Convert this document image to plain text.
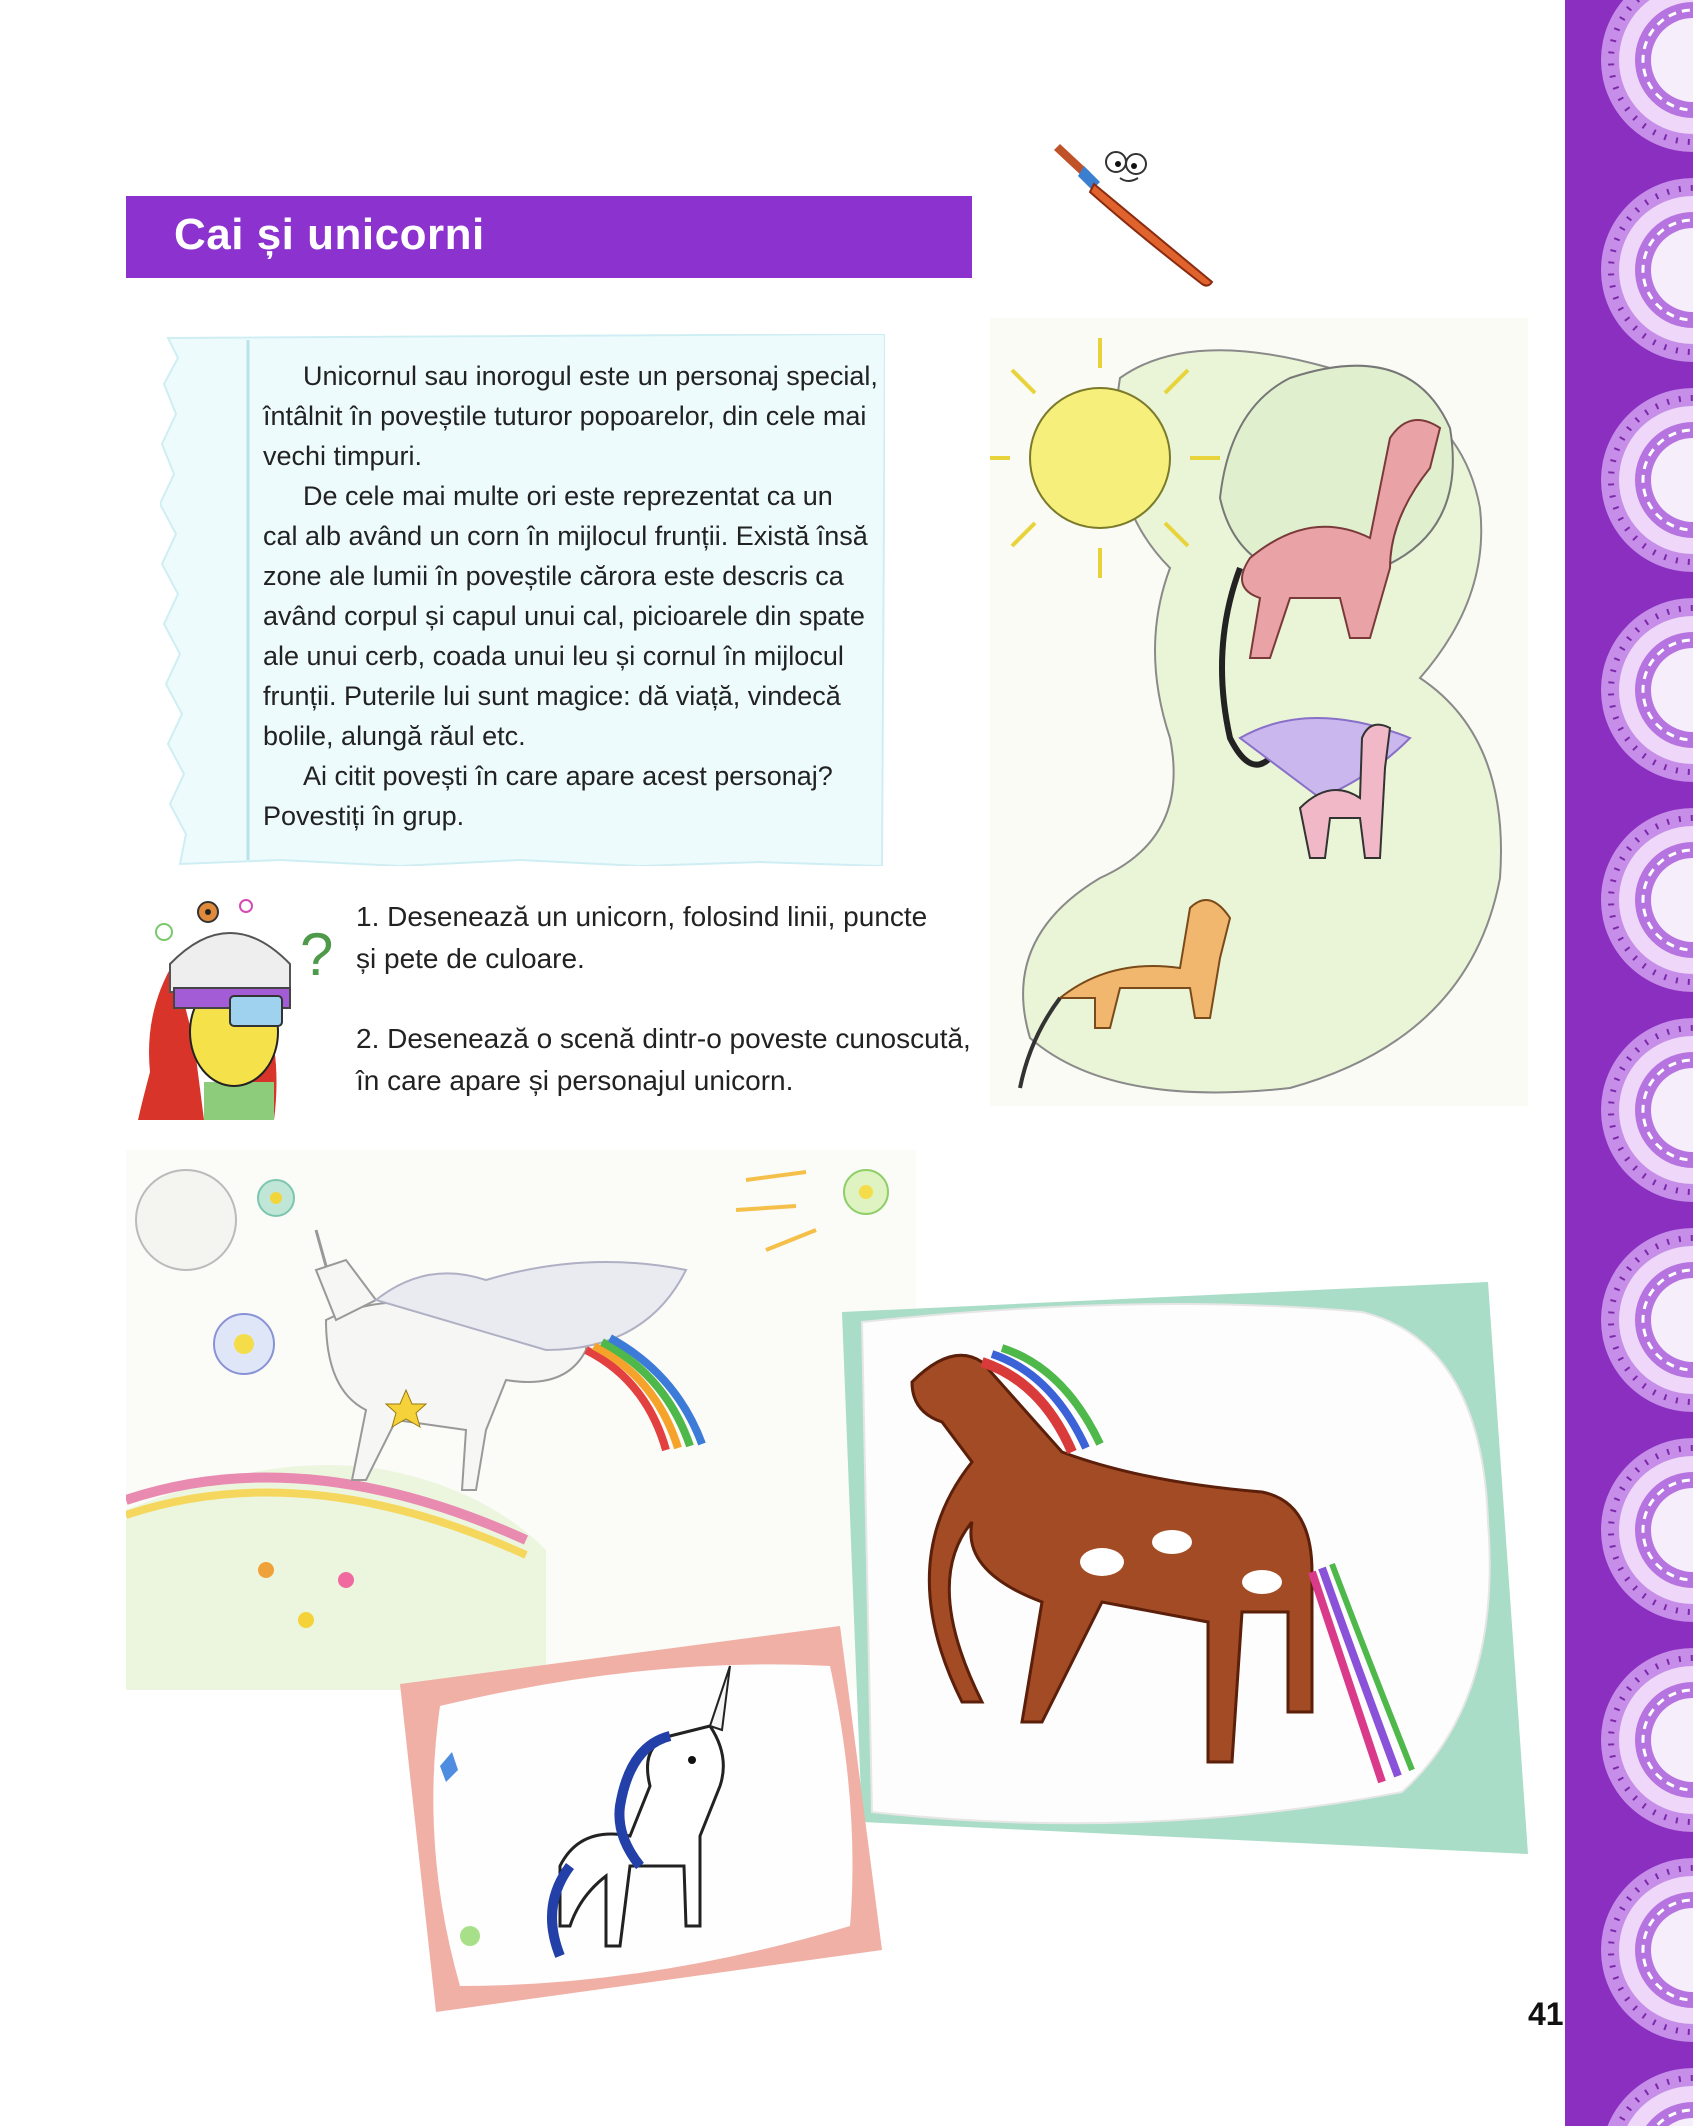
Cai și unicorni
Unicornul sau inorogul este un personaj special,
întâlnit în poveștile tuturor popoarelor, din cele mai
vechi timpuri.
De cele mai multe ori este reprezentat ca un
cal alb având un corn în mijlocul frunții. Există însă
zone ale lumii în poveștile cărora este descris ca
având corpul și capul unui cal, picioarele din spate
ale unui cerb, coada unui leu și cornul în mijlocul
frunții. Puterile lui sunt magice: dă viață, vindecă
bolile, alungă răul etc.
Ai citit povești în care apare acest personaj?
Povestiți în grup.
?
1. Desenează un unicorn, folosind linii, puncte
și pete de culoare.
2. Desenează o scenă dintr-o poveste cunoscută,
în care apare și personajul unicorn.
41
